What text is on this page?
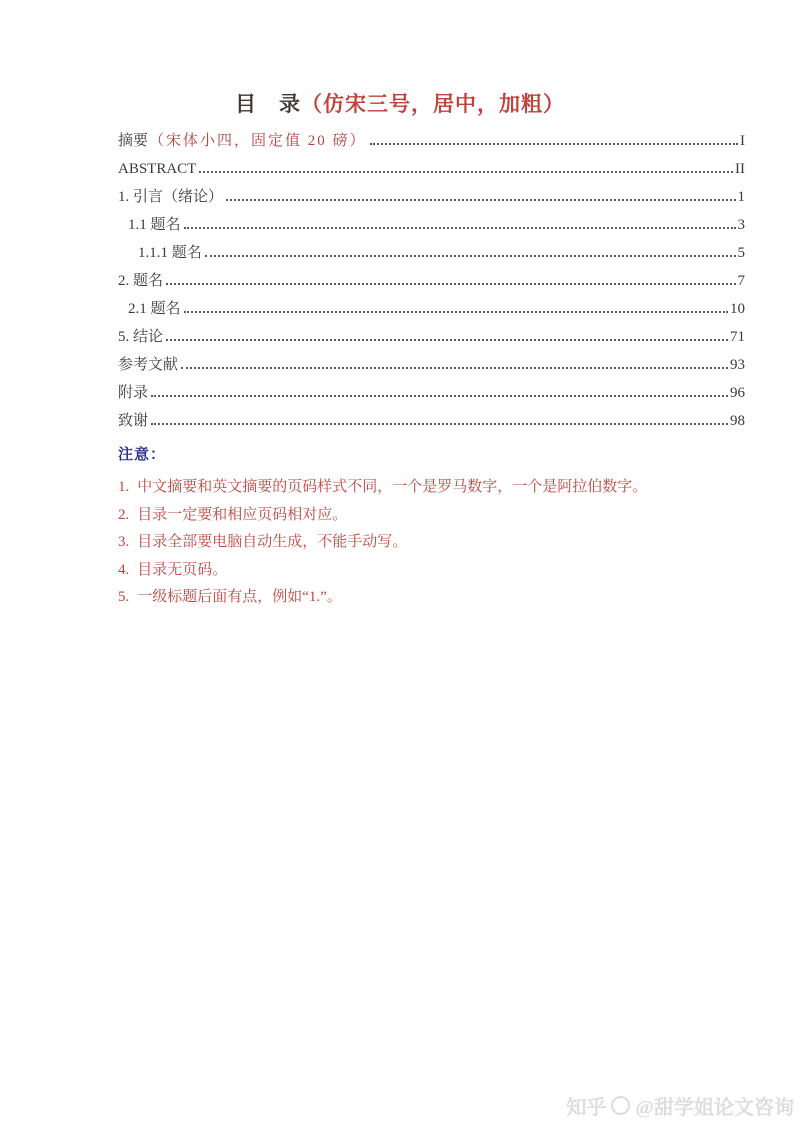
目　录（仿宋三号，居中，加粗）
摘要 （宋体小四，固定值 20 磅）	I
ABSTRACT	II
1. 引言（绪论）	1
1.1 题名	3
1.1.1 题名	5
2. 题名	7
2.1 题名	10
5. 结论	71
参考文献	93
附录	96
致谢	98
注意：
1. 中文摘要和英文摘要的页码样式不同，一个是罗马数字，一个是阿拉伯数字。
2. 目录一定要和相应页码相对应。
3. 目录全部要电脑自动生成，不能手动写。
4. 目录无页码。
5. 一级标题后面有点，例如“1.”。
知乎 @甜学姐论文咨询
